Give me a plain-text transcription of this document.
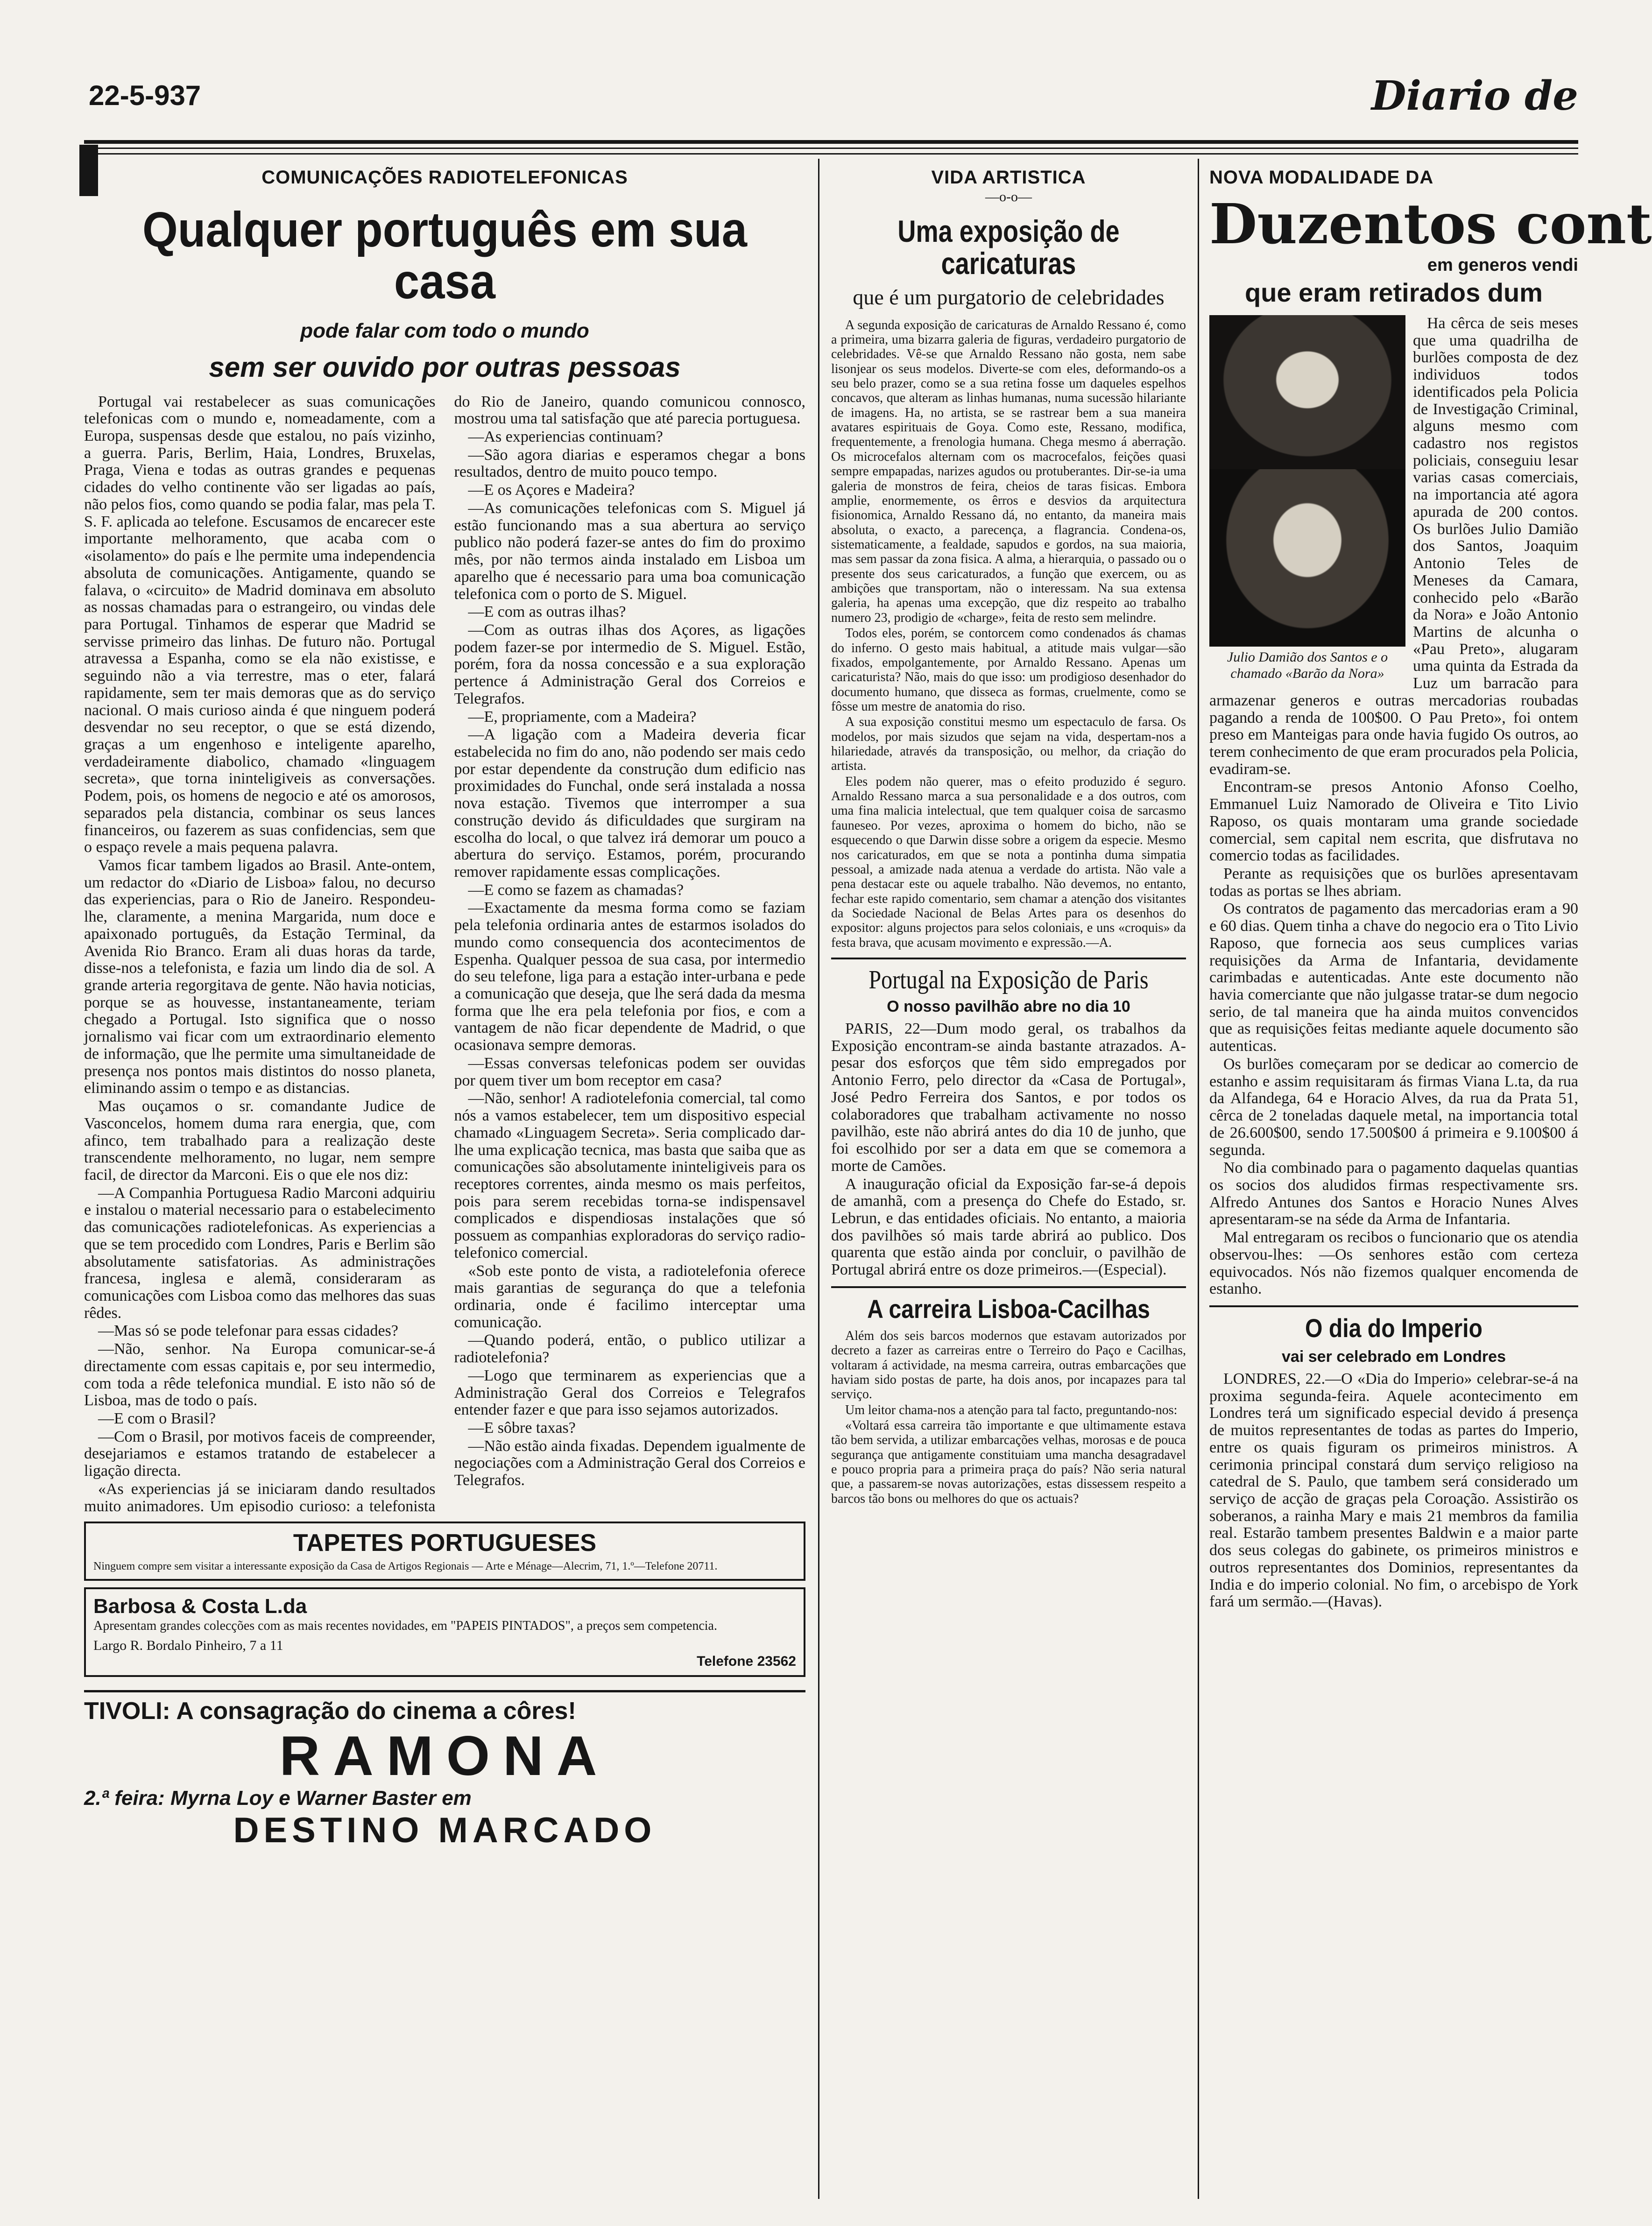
22-5-937	Diario de
COMUNICAÇÕES RADIOTELEFONICAS
Qualquer português em sua casa
pode falar com todo o mundo
sem ser ouvido por outras pessoas

Portugal vai restabelecer as suas comunicações telefonicas com o mundo e, nomeadamente, com a Europa, suspensas desde que estalou, no país vizinho, a guerra. Paris, Berlim, Haia, Londres, Bruxelas, Praga, Viena e todas as outras grandes e pequenas cidades do velho continente vão ser ligadas ao país, não pelos fios, como quando se podia falar, mas pela T. S. F. aplicada ao telefone. Escusamos de encarecer este importante melhoramento, que acaba com o «isolamento» do país e lhe permite uma independencia absoluta de comunicações. Antigamente, quando se falava, o «circuito» de Madrid dominava em absoluto as nossas chamadas para o estrangeiro, ou vindas dele para Portugal. Tinhamos de esperar que Madrid se servisse primeiro das linhas. De futuro não. Portugal atravessa a Espanha, como se ela não existisse, e seguindo não a via terrestre, mas o eter, falará rapidamente, sem ter mais demoras que as do serviço nacional. O mais curioso ainda é que ninguem poderá desvendar no seu receptor, o que se está dizendo, graças a um engenhoso e inteligente aparelho, verdadeiramente diabolico, chamado «linguagem secreta», que torna ininteligiveis as conversações. Podem, pois, os homens de negocio e até os amorosos, separados pela distancia, combinar os seus lances financeiros, ou fazerem as suas confidencias, sem que o espaço revele a mais pequena palavra.

Vamos ficar tambem ligados ao Brasil. Ante-ontem, um redactor do «Diario de Lisboa» falou, no decurso das experiencias, para o Rio de Janeiro. Respondeu-lhe, claramente, a menina Margarida, num doce e apaixonado português, da Estação Terminal, da Avenida Rio Branco. Eram ali duas horas da tarde, disse-nos a telefonista, e fazia um lindo dia de sol. A grande arteria regorgitava de gente. Não havia noticias, porque se as houvesse, instantaneamente, teriam chegado a Portugal. Isto significa que o nosso jornalismo vai ficar com um extraordinario elemento de informação, que lhe permite uma simultaneidade de presença nos pontos mais distintos do nosso planeta, eliminando assim o tempo e as distancias.

Mas ouçamos o sr. comandante Judice de Vasconcelos, homem duma rara energia, que, com afinco, tem trabalhado para a realização deste transcendente melhoramento, no lugar, nem sempre facil, de director da Marconi. Eis o que ele nos diz:

—A Companhia Portuguesa Radio Marconi adquiriu e instalou o material necessario para o estabelecimento das comunicações radiotelefonicas. As experiencias a que se tem procedido com Londres, Paris e Berlim são absolutamente satisfatorias. As administrações francesa, inglesa e alemã, consideraram as comunicações com Lisboa como das melhores das suas rêdes.

—Mas só se pode telefonar para essas cidades?

—Não, senhor. Na Europa comunicar-se-á directamente com essas capitais e, por seu intermedio, com toda a rêde telefonica mundial. E isto não só de Lisboa, mas de todo o país.

—E com o Brasil?

—Com o Brasil, por motivos faceis de compreender, desejariamos e estamos tratando de estabelecer a ligação directa.

«As experiencias já se iniciaram dando resultados muito animadores. Um episodio curioso: a telefonista do Rio de Janeiro, quando comunicou connosco, mostrou uma tal satisfação que até parecia portuguesa.

—As experiencias continuam?

—São agora diarias e esperamos chegar a bons resultados, dentro de muito pouco tempo.

—E os Açores e Madeira?

—As comunicações telefonicas com S. Miguel já estão funcionando mas a sua abertura ao serviço publico não poderá fazer-se antes do fim do proximo mês, por não termos ainda instalado em Lisboa um aparelho que é necessario para uma boa comunicação telefonica com o porto de S. Miguel.

—E com as outras ilhas?

—Com as outras ilhas dos Açores, as ligações podem fazer-se por intermedio de S. Miguel. Estão, porém, fora da nossa concessão e a sua exploração pertence á Administração Geral dos Correios e Telegrafos.

—E, propriamente, com a Madeira?

—A ligação com a Madeira deveria ficar estabelecida no fim do ano, não podendo ser mais cedo por estar dependente da construção dum edificio nas proximidades do Funchal, onde será instalada a nossa nova estação. Tivemos que interromper a sua construção devido ás dificuldades que surgiram na escolha do local, o que talvez irá demorar um pouco a abertura do serviço. Estamos, porém, procurando remover rapidamente essas complicações.

—E como se fazem as chamadas?

—Exactamente da mesma forma como se faziam pela telefonia ordinaria antes de estarmos isolados do mundo como consequencia dos acontecimentos de Espenha. Qualquer pessoa de sua casa, por intermedio do seu telefone, liga para a estação inter-urbana e pede a comunicação que deseja, que lhe será dada da mesma forma que lhe era pela telefonia por fios, e com a vantagem de não ficar dependente de Madrid, o que ocasionava sempre demoras.

—Essas conversas telefonicas podem ser ouvidas por quem tiver um bom receptor em casa?

—Não, senhor! A radiotelefonia comercial, tal como nós a vamos estabelecer, tem um dispositivo especial chamado «Linguagem Secreta». Seria complicado dar-lhe uma explicação tecnica, mas basta que saiba que as comunicações são absolutamente ininteligiveis para os receptores correntes, ainda mesmo os mais perfeitos, pois para serem recebidas torna-se indispensavel complicados e dispendiosas instalações que só possuem as companhias exploradoras do serviço radio-telefonico comercial.

«Sob este ponto de vista, a radiotelefonia oferece mais garantias de segurança do que a telefonia ordinaria, onde é facilimo interceptar uma comunicação.

—Quando poderá, então, o publico utilizar a radiotelefonia?

—Logo que terminarem as experiencias que a Administração Geral dos Correios e Telegrafos entender fazer e que para isso sejamos autorizados.

—E sôbre taxas?

—Não estão ainda fixadas. Dependem igualmente de negociações com a Administração Geral dos Correios e Telegrafos.

TAPETES PORTUGUESES
Ninguem compre sem visitar a interessante exposição da Casa de Artigos Regionais — Arte e Ménage—Alecrim, 71, 1.º—Telefone 20711.
Barbosa & Costa L.da
Apresentam grandes colecções com as mais recentes novidades, em "PAPEIS PINTADOS", a preços sem competencia.
Largo R. Bordalo Pinheiro, 7 a 11
Telefone 23562
TIVOLI: A consagração do cinema a côres!
RAMONA
2.ª feira: Myrna Loy e Warner Baster em
DESTINO MARCADO
VIDA ARTISTICA
—o-o—
Uma exposição de caricaturas
que é um purgatorio de celebridades

A segunda exposição de caricaturas de Arnaldo Ressano é, como a primeira, uma bizarra galeria de figuras, verdadeiro purgatorio de celebridades. Vê-se que Arnaldo Ressano não gosta, nem sabe lisonjear os seus modelos. Diverte-se com eles, deformando-os a seu belo prazer, como se a sua retina fosse um daqueles espelhos concavos, que alteram as linhas humanas, numa sucessão hilariante de imagens. Ha, no artista, se se rastrear bem a sua maneira avatares espirituais de Goya. Como este, Ressano, modifica, frequentemente, a frenologia humana. Chega mesmo á aberração. Os microcefalos alternam com os macrocefalos, feições quasi sempre empapadas, narizes agudos ou protuberantes. Dir-se-ia uma galeria de monstros de feira, cheios de taras fisicas. Embora amplie, enormemente, os êrros e desvios da arquitectura fisionomica, Arnaldo Ressano dá, no entanto, da maneira mais absoluta, o exacto, a parecença, a flagrancia. Condena-os, sistematicamente, a fealdade, sapudos e gordos, na sua maioria, mas sem passar da zona fisica. A alma, a hierarquia, o passado ou o presente dos seus caricaturados, a função que exercem, ou as ambições que transportam, não o interessam. Na sua extensa galeria, ha apenas uma excepção, que diz respeito ao trabalho numero 23, prodigio de «charge», feita de resto sem melindre.

Todos eles, porém, se contorcem como condenados ás chamas do inferno. O gesto mais habitual, a atitude mais vulgar—são fixados, empolgantemente, por Arnaldo Ressano. Apenas um caricaturista? Não, mais do que isso: um prodigioso desenhador do documento humano, que disseca as formas, cruelmente, como se fôsse um mestre de anatomia do riso.

A sua exposição constitui mesmo um espectaculo de farsa. Os modelos, por mais sizudos que sejam na vida, despertam-nos a hilariedade, através da transposição, ou melhor, da criação do artista.

Eles podem não querer, mas o efeito produzido é seguro. Arnaldo Ressano marca a sua personalidade e a dos outros, com uma fina malicia intelectual, que tem qualquer coisa de sarcasmo fauneseo. Por vezes, aproxima o homem do bicho, não se esquecendo o que Darwin disse sobre a origem da especie. Mesmo nos caricaturados, em que se nota a pontinha duma simpatia pessoal, a amizade nada atenua a verdade do artista. Não vale a pena destacar este ou aquele trabalho. Não devemos, no entanto, fechar este rapido comentario, sem chamar a atenção dos visitantes da Sociedade Nacional de Belas Artes para os desenhos do expositor: alguns projectos para selos coloniais, e uns «croquis» da festa brava, que acusam movimento e expressão.—A.

Portugal na Exposição de Paris
O nosso pavilhão abre no dia 10

PARIS, 22—Dum modo geral, os trabalhos da Exposição encontram-se ainda bastante atrazados. A-pesar dos esforços que têm sido empregados por Antonio Ferro, pelo director da «Casa de Portugal», José Pedro Ferreira dos Santos, e por todos os colaboradores que trabalham activamente no nosso pavilhão, este não abrirá antes do dia 10 de junho, que foi escolhido por ser a data em que se comemora a morte de Camões.

A inauguração oficial da Exposição far-se-á depois de amanhã, com a presença do Chefe do Estado, sr. Lebrun, e das entidades oficiais. No entanto, a maioria dos pavilhões só mais tarde abrirá ao publico. Dos quarenta que estão ainda por concluir, o pavilhão de Portugal abrirá entre os doze primeiros.—(Especial).

A carreira Lisboa-Cacilhas

Além dos seis barcos modernos que estavam autorizados por decreto a fazer as carreiras entre o Terreiro do Paço e Cacilhas, voltaram á actividade, na mesma carreira, outras embarcações que haviam sido postas de parte, ha dois anos, por incapazes para tal serviço.

Um leitor chama-nos a atenção para tal facto, preguntando-nos:

«Voltará essa carreira tão importante e que ultimamente estava tão bem servida, a utilizar embarcações velhas, morosas e de pouca segurança que antigamente constituiam uma mancha desagradavel e pouco propria para a primeira praça do país? Não seria natural que, a passarem-se novas autorizações, estas dissessem respeito a barcos tão bons ou melhores do que os actuais?

NOVA MODALIDADE DA
Duzentos cont
em generos vendi
que eram retirados dum
Julio Damião dos Santos e o chamado «Barão da Nora»

Ha cêrca de seis meses que uma quadrilha de burlões composta de dez individuos todos identificados pela Policia de Investigação Criminal, alguns mesmo com cadastro nos registos policiais, conseguiu lesar varias casas comerciais, na importancia até agora apurada de 200 contos. Os burlões Julio Damião dos Santos, Joaquim Antonio Teles de Meneses da Camara, conhecido pelo «Barão da Nora» e João Antonio Martins de alcunha o «Pau Preto», alugaram uma quinta da Estrada da Luz um barracão para armazenar generos e outras mercadorias roubadas pagando a renda de 100$00. O Pau Preto», foi ontem preso em Manteigas para onde havia fugido Os outros, ao terem conhecimento de que eram procurados pela Policia, evadiram-se.

Encontram-se presos Antonio Afonso Coelho, Emmanuel Luiz Namorado de Oliveira e Tito Livio Raposo, os quais montaram uma grande sociedade comercial, sem capital nem escrita, que disfrutava no comercio todas as facilidades.

Perante as requisições que os burlões apresentavam todas as portas se lhes abriam.

Os contratos de pagamento das mercadorias eram a 90 e 60 dias. Quem tinha a chave do negocio era o Tito Livio Raposo, que fornecia aos seus cumplices varias requisições da Arma de Infantaria, devidamente carimbadas e autenticadas. Ante este documento não havia comerciante que não julgasse tratar-se dum negocio serio, de tal maneira que ha ainda muitos convencidos que as requisições feitas mediante aquele documento são autenticas.

Os burlões começaram por se dedicar ao comercio de estanho e assim requisitaram ás firmas Viana L.ta, da rua da Alfandega, 64 e Horacio Alves, da rua da Prata 51, cêrca de 2 toneladas daquele metal, na importancia total de 26.600$00, sendo 17.500$00 á primeira e 9.100$00 á segunda.

No dia combinado para o pagamento daquelas quantias os socios dos aludidos firmas respectivamente srs. Alfredo Antunes dos Santos e Horacio Nunes Alves apresentaram-se na séde da Arma de Infantaria.

Mal entregaram os recibos o funcionario que os atendia observou-lhes: —Os senhores estão com certeza equivocados. Nós não fizemos qualquer encomenda de estanho.

O dia do Imperio
vai ser celebrado em Londres

LONDRES, 22.—O «Dia do Imperio» celebrar-se-á na proxima segunda-feira. Aquele acontecimento em Londres terá um significado especial devido á presença de muitos representantes de todas as partes do Imperio, entre os quais figuram os primeiros ministros. A cerimonia principal constará dum serviço religioso na catedral de S. Paulo, que tambem será considerado um serviço de acção de graças pela Coroação. Assistirão os soberanos, a rainha Mary e mais 21 membros da familia real. Estarão tambem presentes Baldwin e a maior parte dos seus colegas do gabinete, os primeiros ministros e outros representantes dos Dominios, representantes da India e do imperio colonial. No fim, o arcebispo de York fará um sermão.—(Havas).
